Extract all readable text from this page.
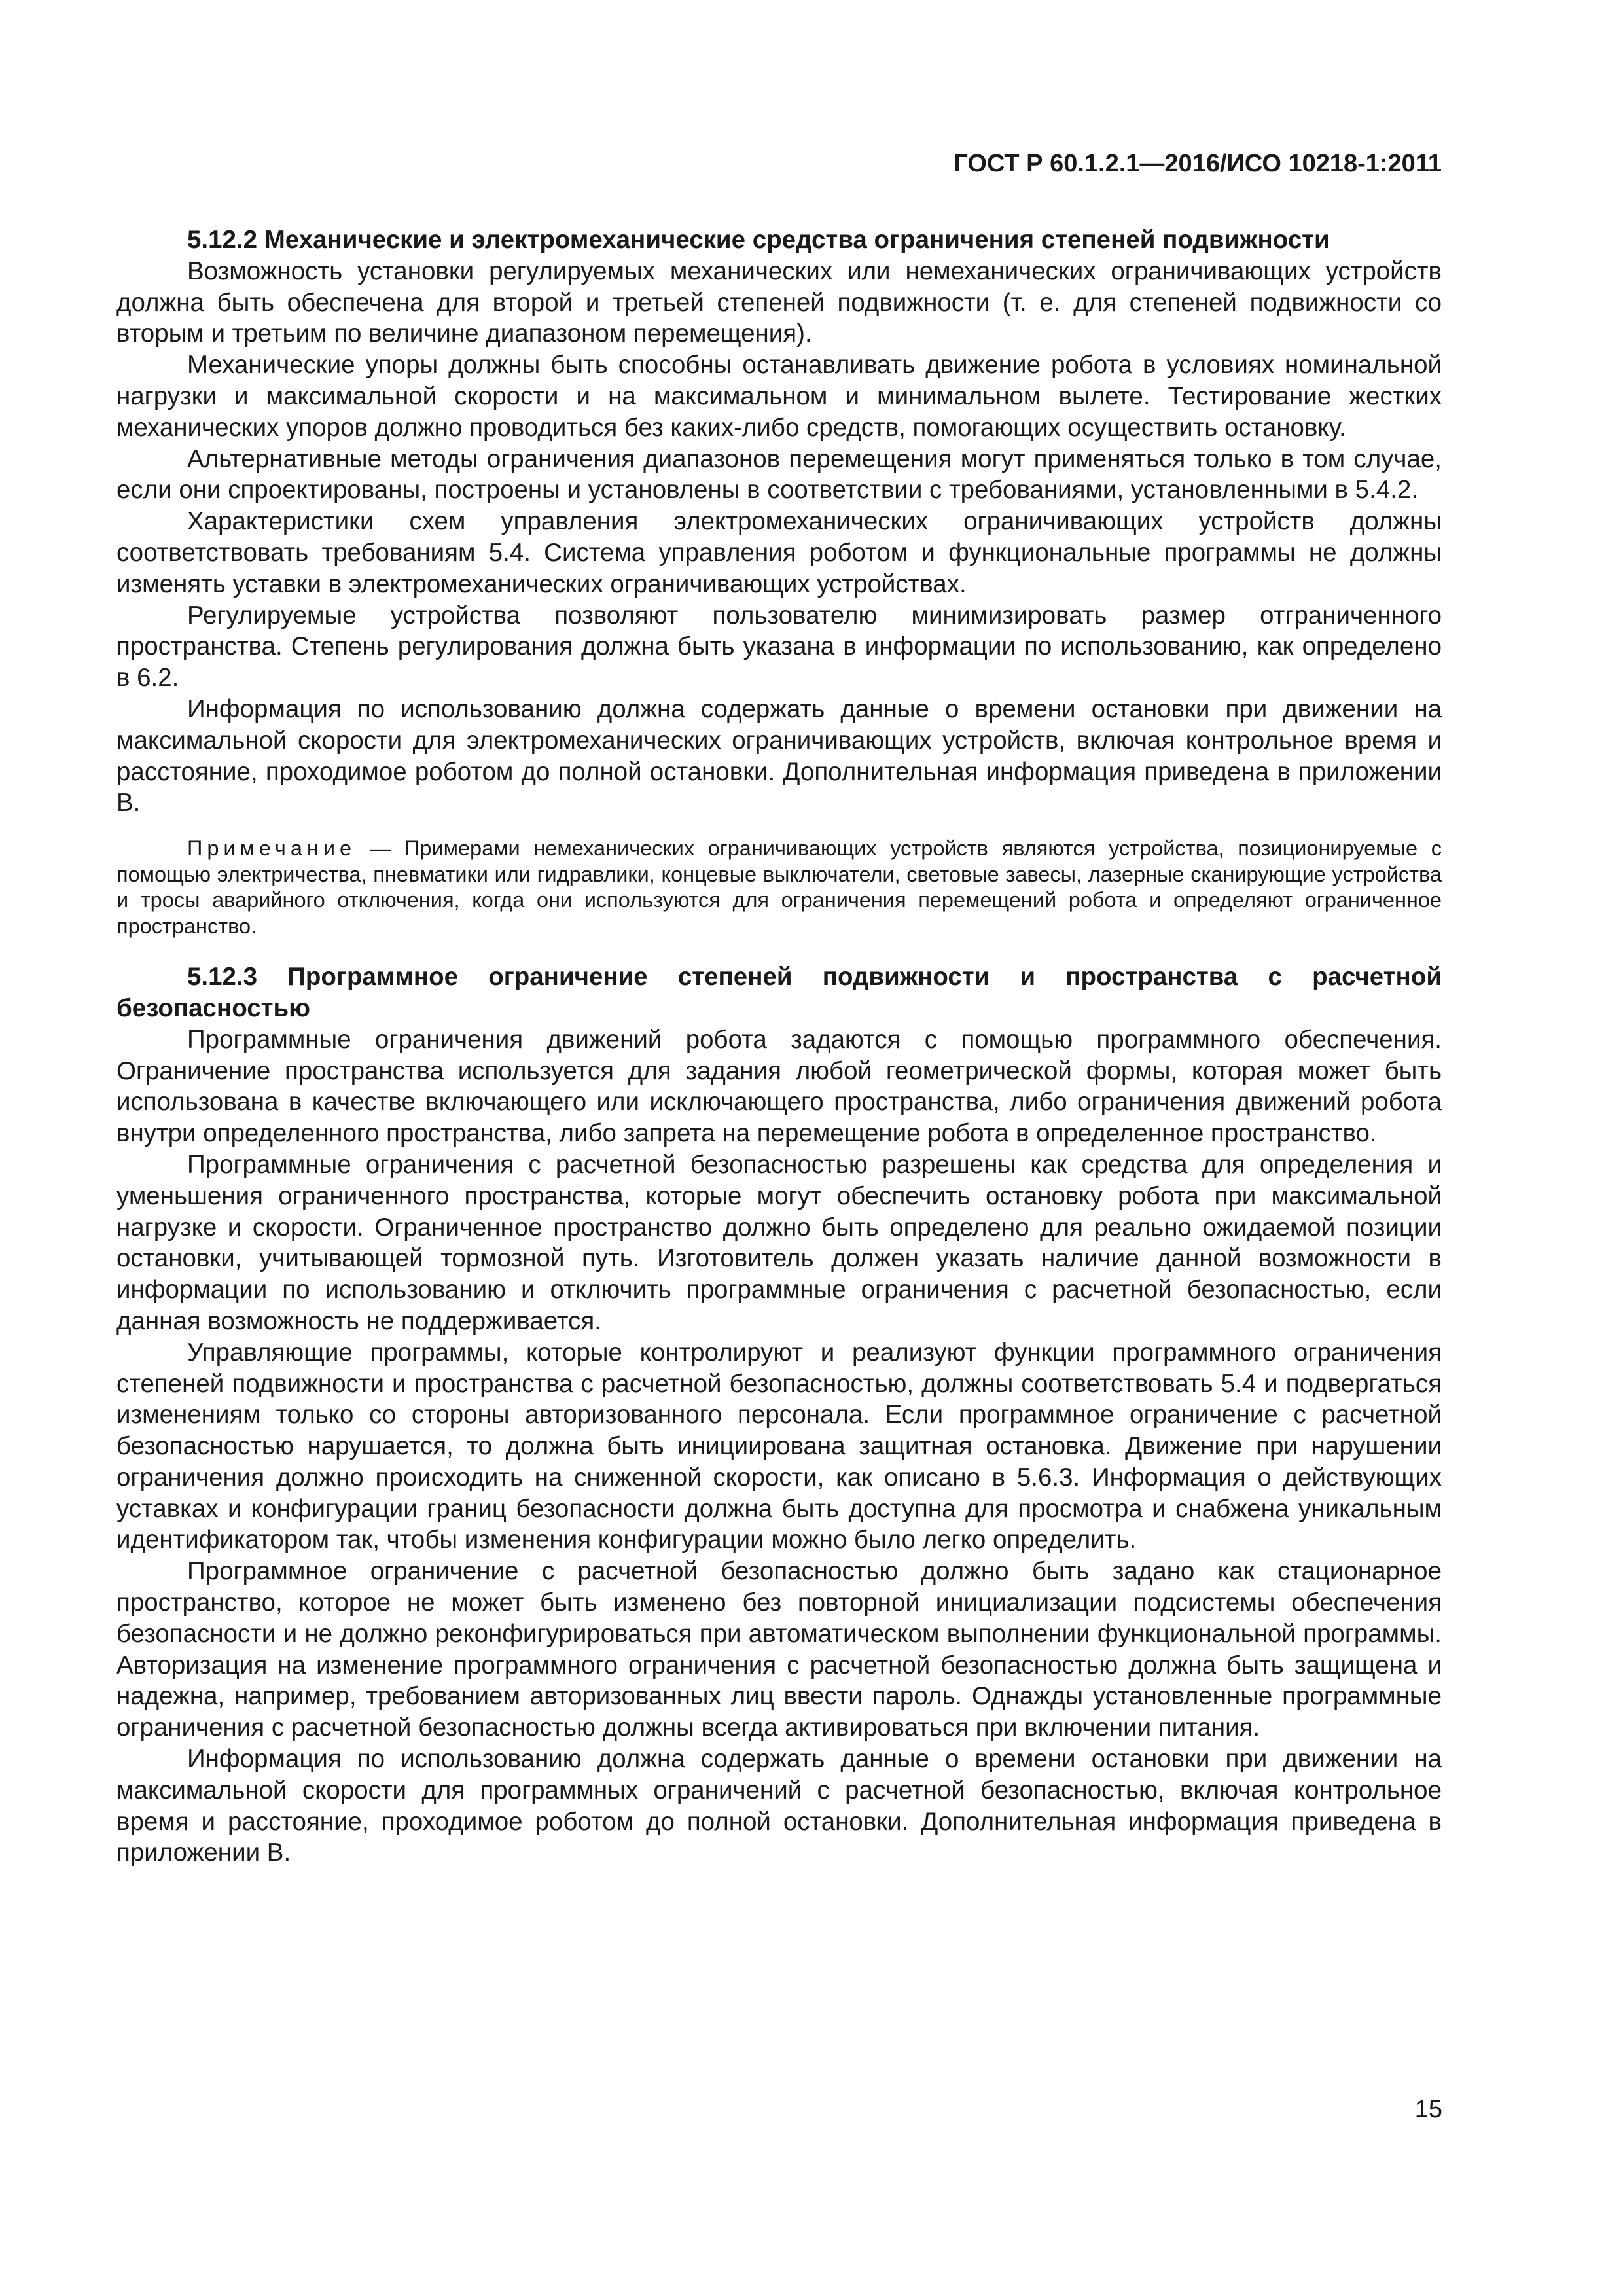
ГОСТ Р 60.1.2.1—2016/ИСО 10218-1:2011

5.12.2 Механические и электромеханические средства ограничения степеней подвижности

Возможность установки регулируемых механических или немеханических ограничивающих устройств должна быть обеспечена для второй и третьей степеней подвижности (т. е. для степеней подвижности со вторым и третьим по величине диапазоном перемещения).

Механические упоры должны быть способны останавливать движение робота в условиях номинальной нагрузки и максимальной скорости и на максимальном и минимальном вылете. Тестирование жестких механических упоров должно проводиться без каких-либо средств, помогающих осуществить остановку.

Альтернативные методы ограничения диапазонов перемещения могут применяться только в том случае, если они спроектированы, построены и установлены в соответствии с требованиями, установленными в 5.4.2.

Характеристики схем управления электромеханических ограничивающих устройств должны соответствовать требованиям 5.4. Система управления роботом и функциональные программы не должны изменять уставки в электромеханических ограничивающих устройствах.

Регулируемые устройства позволяют пользователю минимизировать размер отграниченного пространства. Степень регулирования должна быть указана в информации по использованию, как определено в 6.2.

Информация по использованию должна содержать данные о времени остановки при движении на максимальной скорости для электромеханических ограничивающих устройств, включая контрольное время и расстояние, проходимое роботом до полной остановки. Дополнительная информация приведена в приложении В.

Примечание — Примерами немеханических ограничивающих устройств являются устройства, позиционируемые с помощью электричества, пневматики или гидравлики, концевые выключатели, световые завесы, лазерные сканирующие устройства и тросы аварийного отключения, когда они используются для ограничения перемещений робота и определяют ограниченное пространство.

5.12.3 Программное ограничение степеней подвижности и пространства с расчетной безопасностью

Программные ограничения движений робота задаются с помощью программного обеспечения. Ограничение пространства используется для задания любой геометрической формы, которая может быть использована в качестве включающего или исключающего пространства, либо ограничения движений робота внутри определенного пространства, либо запрета на перемещение робота в определенное пространство.

Программные ограничения с расчетной безопасностью разрешены как средства для определения и уменьшения ограниченного пространства, которые могут обеспечить остановку робота при максимальной нагрузке и скорости. Ограниченное пространство должно быть определено для реально ожидаемой позиции остановки, учитывающей тормозной путь. Изготовитель должен указать наличие данной возможности в информации по использованию и отключить программные ограничения с расчетной безопасностью, если данная возможность не поддерживается.

Управляющие программы, которые контролируют и реализуют функции программного ограничения степеней подвижности и пространства с расчетной безопасностью, должны соответствовать 5.4 и подвергаться изменениям только со стороны авторизованного персонала. Если программное ограничение с расчетной безопасностью нарушается, то должна быть инициирована защитная остановка. Движение при нарушении ограничения должно происходить на сниженной скорости, как описано в 5.6.3. Информация о действующих уставках и конфигурации границ безопасности должна быть доступна для просмотра и снабжена уникальным идентификатором так, чтобы изменения конфигурации можно было легко определить.

Программное ограничение с расчетной безопасностью должно быть задано как стационарное пространство, которое не может быть изменено без повторной инициализации подсистемы обеспечения безопасности и не должно реконфигурироваться при автоматическом выполнении функциональной программы. Авторизация на изменение программного ограничения с расчетной безопасностью должна быть защищена и надежна, например, требованием авторизованных лиц ввести пароль. Однажды установленные программные ограничения с расчетной безопасностью должны всегда активироваться при включении питания.

Информация по использованию должна содержать данные о времени остановки при движении на максимальной скорости для программных ограничений с расчетной безопасностью, включая контрольное время и расстояние, проходимое роботом до полной остановки. Дополнительная информация приведена в приложении В.

15
